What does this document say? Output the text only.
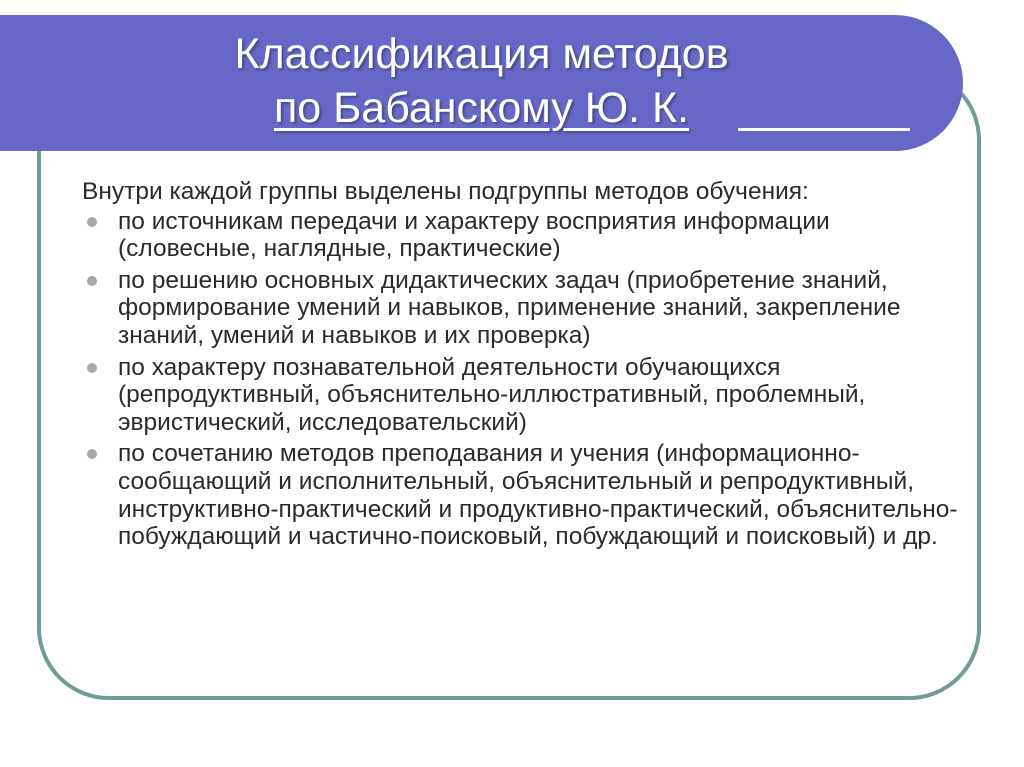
Классификация методов
по Бабанскому Ю. К.

Внутри каждой группы выделены подгруппы методов обучения:

по источникам передачи и характеру восприятия информации (словесные, наглядные, практические)
по решению основных дидактических задач (приобретение знаний, формирование умений и навыков, применение знаний, закрепление знаний, умений и навыков и их проверка)
по характеру познавательной деятельности обучающихся (репродуктивный, объяснительно-иллюстративный, проблемный, эвристический, исследовательский)
по сочетанию методов преподавания и учения (информационно-сообщающий и исполнительный, объяснительный и репродуктивный, инструктивно-практический и продуктивно-практический, объяснительно-побуждающий и частично-поисковый, побуждающий и поисковый) и др.
